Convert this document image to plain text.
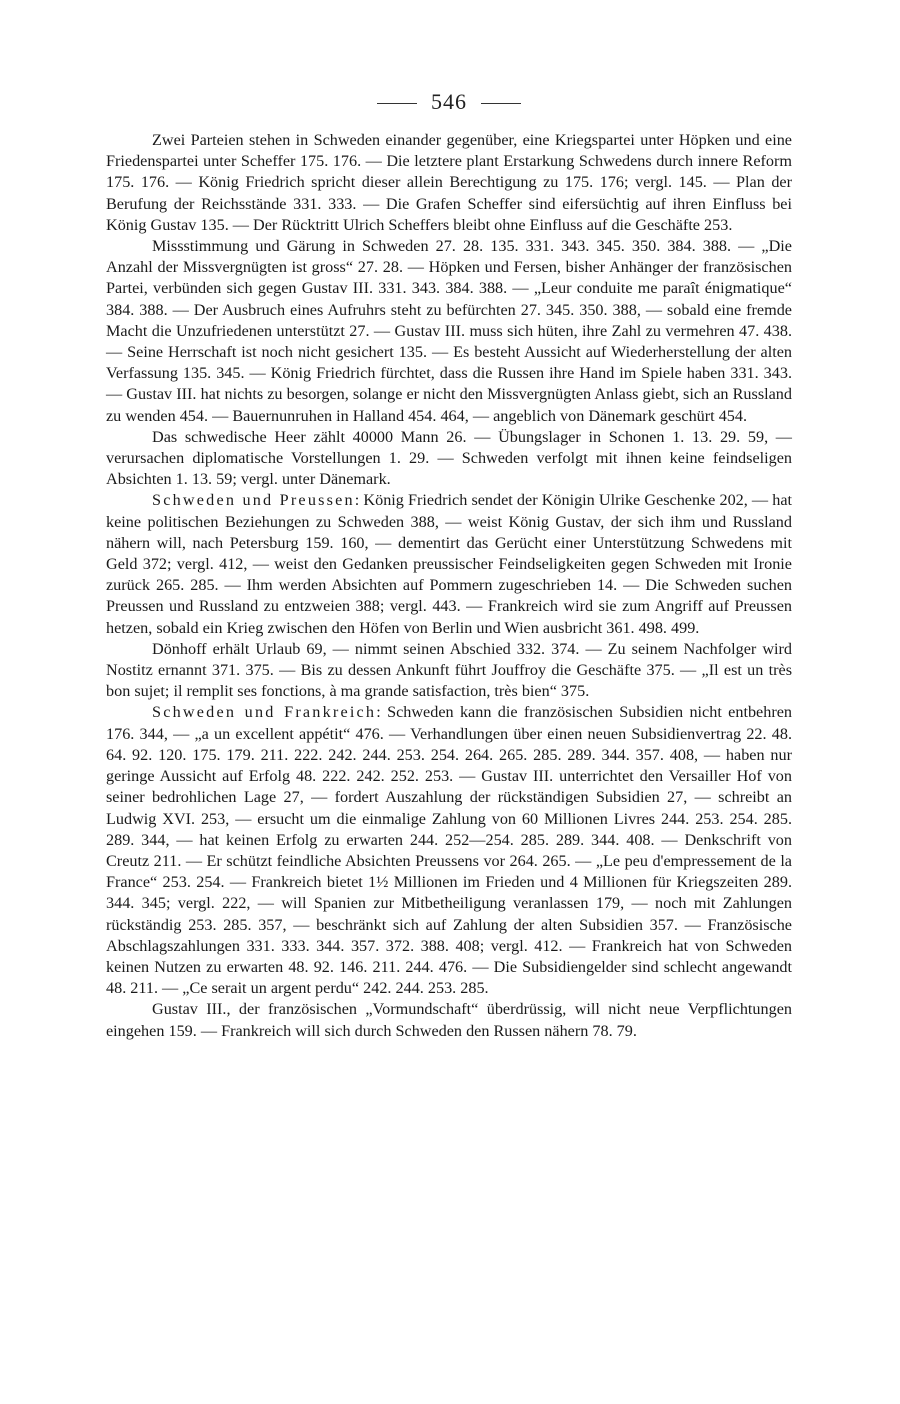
546

Zwei Parteien stehen in Schweden einander gegenüber, eine Kriegspartei unter Höpken und eine Friedenspartei unter Scheffer 175. 176. — Die letztere plant Erstarkung Schwedens durch innere Reform 175. 176. — König Friedrich spricht dieser allein Berechtigung zu 175. 176; vergl. 145. — Plan der Berufung der Reichsstände 331. 333. — Die Grafen Scheffer sind eifersüchtig auf ihren Einfluss bei König Gustav 135. — Der Rücktritt Ulrich Scheffers bleibt ohne Einfluss auf die Geschäfte 253.

Missstimmung und Gärung in Schweden 27. 28. 135. 331. 343. 345. 350. 384. 388. — „Die Anzahl der Missvergnügten ist gross“ 27. 28. — Höpken und Fersen, bisher Anhänger der französischen Partei, verbünden sich gegen Gustav III. 331. 343. 384. 388. — „Leur conduite me paraît énigmatique“ 384. 388. — Der Ausbruch eines Aufruhrs steht zu befürchten 27. 345. 350. 388, — sobald eine fremde Macht die Unzufriedenen unterstützt 27. — Gustav III. muss sich hüten, ihre Zahl zu vermehren 47. 438. — Seine Herrschaft ist noch nicht gesichert 135. — Es besteht Aussicht auf Wiederherstellung der alten Verfassung 135. 345. — König Friedrich fürchtet, dass die Russen ihre Hand im Spiele haben 331. 343. — Gustav III. hat nichts zu besorgen, solange er nicht den Missvergnügten Anlass giebt, sich an Russland zu wenden 454. — Bauernunruhen in Halland 454. 464, — angeblich von Dänemark geschürt 454.

Das schwedische Heer zählt 40000 Mann 26. — Übungslager in Schonen 1. 13. 29. 59, — verursachen diplomatische Vorstellungen 1. 29. — Schweden verfolgt mit ihnen keine feindseligen Absichten 1. 13. 59; vergl. unter Dänemark.

Schweden und Preussen: König Friedrich sendet der Königin Ulrike Geschenke 202, — hat keine politischen Beziehungen zu Schweden 388, — weist König Gustav, der sich ihm und Russland nähern will, nach Petersburg 159. 160, — dementirt das Gerücht einer Unterstützung Schwedens mit Geld 372; vergl. 412, — weist den Gedanken preussischer Feindseligkeiten gegen Schweden mit Ironie zurück 265. 285. — Ihm werden Absichten auf Pommern zugeschrieben 14. — Die Schweden suchen Preussen und Russland zu entzweien 388; vergl. 443. — Frankreich wird sie zum Angriff auf Preussen hetzen, sobald ein Krieg zwischen den Höfen von Berlin und Wien ausbricht 361. 498. 499.

Dönhoff erhält Urlaub 69, — nimmt seinen Abschied 332. 374. — Zu seinem Nachfolger wird Nostitz ernannt 371. 375. — Bis zu dessen Ankunft führt Jouffroy die Geschäfte 375. — „Il est un très bon sujet; il remplit ses fonctions, à ma grande satisfaction, très bien“ 375.

Schweden und Frankreich: Schweden kann die französischen Subsidien nicht entbehren 176. 344, — „a un excellent appétit“ 476. — Verhandlungen über einen neuen Subsidienvertrag 22. 48. 64. 92. 120. 175. 179. 211. 222. 242. 244. 253. 254. 264. 265. 285. 289. 344. 357. 408, — haben nur geringe Aussicht auf Erfolg 48. 222. 242. 252. 253. — Gustav III. unterrichtet den Versailler Hof von seiner bedrohlichen Lage 27, — fordert Auszahlung der rückständigen Subsidien 27, — schreibt an Ludwig XVI. 253, — ersucht um die einmalige Zahlung von 60 Millionen Livres 244. 253. 254. 285. 289. 344, — hat keinen Erfolg zu erwarten 244. 252—254. 285. 289. 344. 408. — Denkschrift von Creutz 211. — Er schützt feindliche Absichten Preussens vor 264. 265. — „Le peu d'empressement de la France“ 253. 254. — Frankreich bietet 1½ Millionen im Frieden und 4 Millionen für Kriegszeiten 289. 344. 345; vergl. 222, — will Spanien zur Mitbetheiligung veranlassen 179, — noch mit Zahlungen rückständig 253. 285. 357, — beschränkt sich auf Zahlung der alten Subsidien 357. — Französische Abschlagszahlungen 331. 333. 344. 357. 372. 388. 408; vergl. 412. — Frankreich hat von Schweden keinen Nutzen zu erwarten 48. 92. 146. 211. 244. 476. — Die Subsidiengelder sind schlecht angewandt 48. 211. — „Ce serait un argent perdu“ 242. 244. 253. 285.

Gustav III., der französischen „Vormundschaft“ überdrüssig, will nicht neue Verpflichtungen eingehen 159. — Frankreich will sich durch Schweden den Russen nähern 78. 79.
